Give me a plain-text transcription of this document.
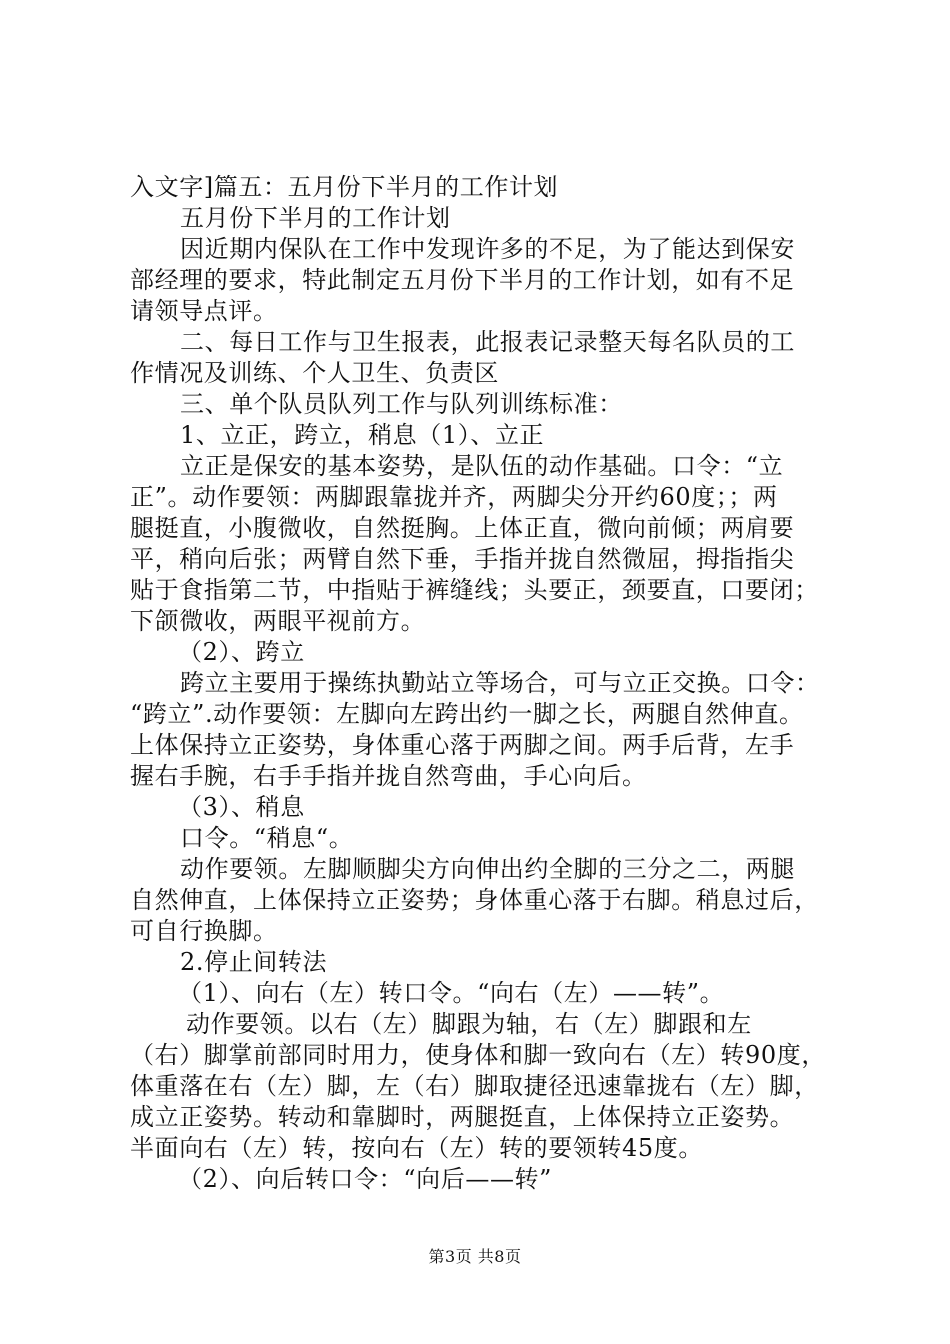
入文字]篇五：五月份下半月的工作计划
五月份下半月的工作计划
因近期内保队在工作中发现许多的不足，为了能达到保安
部经理的要求，特此制定五月份下半月的工作计划，如有不足
请领导点评。
二、每日工作与卫生报表，此报表记录整天每名队员的工
作情况及训练、个人卫生、负责区
三、单个队员队列工作与队列训练标准：
1、立正，跨立，稍息（1）、立正
立正是保安的基本姿势，是队伍的动作基础。口令：“立
正”。动作要领：两脚跟靠拢并齐，两脚尖分开约60度；；两
腿挺直，小腹微收，自然挺胸。上体正直，微向前倾；两肩要
平，稍向后张；两臂自然下垂，手指并拢自然微屈，拇指指尖
贴于食指第二节，中指贴于裤缝线；头要正，颈要直，口要闭；
下颌微收，两眼平视前方。
（2）、跨立
跨立主要用于操练执勤站立等场合，可与立正交换。口令：
“跨立”.动作要领：左脚向左跨出约一脚之长，两腿自然伸直。
上体保持立正姿势，身体重心落于两脚之间。两手后背，左手
握右手腕，右手手指并拢自然弯曲，手心向后。
（3）、稍息
口令。“稍息“。
动作要领。左脚顺脚尖方向伸出约全脚的三分之二，两腿
自然伸直，上体保持立正姿势；身体重心落于右脚。稍息过后，
可自行换脚。
2.停止间转法
（1）、向右（左）转口令。“向右（左）——转”。
动作要领。以右（左）脚跟为轴，右（左）脚跟和左
（右）脚掌前部同时用力，使身体和脚一致向右（左）转90度，
体重落在右（左）脚，左（右）脚取捷径迅速靠拢右（左）脚，
成立正姿势。转动和靠脚时，两腿挺直，上体保持立正姿势。
半面向右（左）转，按向右（左）转的要领转45度。
（2）、向后转口令：“向后——转”
第3页 共8页
